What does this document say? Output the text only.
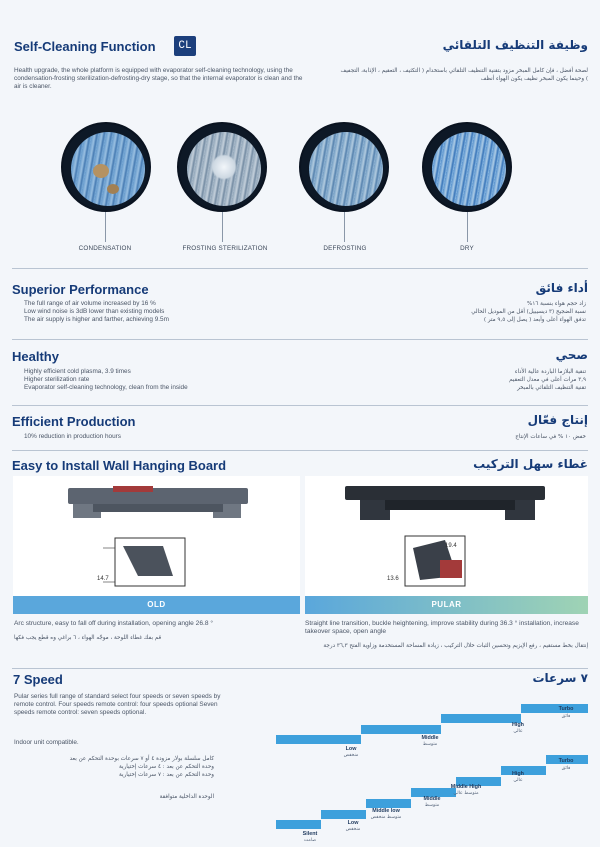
Self-Cleaning Function	CL	وظيفة التنظيف التلقائي
Health upgrade, the whole platform is equipped with evaporator self-cleaning technology, using the condensation-frosting sterilization-defrosting-dry stage, so that the internal evaporator is clean and the air is cleaner.
لصحة أفضل ، فإن كامل المبخر مزود بتقنية التنظيف التلقائي باستخدام ( التكثيف ، التعقيم ، الإذابة، التجفيف ) وحينما يكون المبخر نظيف يكون الهواء أنظف
CONDENSATION	FROSTING STERILIZATION	DEFROSTING	DRY
Superior Performance	أداء فائق
The full range of air volume increased by 16 %
Low wind noise is 3dB lower than existing models
The air supply is higher and farther, achieving 9.5m
زاد حجم هواء بنسبة ١٦%
نسبة الضجيج (٣ ديسيبيل) أقل من الموديل الحالي
تدفق الهواء أعلى وأبعد ( يصل إلى ٩,٥ متر )
Healthy	صحي
Highly efficient cold plasma, 3.9 times
Higher sterilization rate
Evaporator self-cleaning technology, clean from the inside
تنقية البلازما الباردة عالية الأداء
٣,٩ مرات أعلى في معدل التعقيم
تقنية التنظيف التلقائي بالمبخر
Efficient Production	إنتاج فعّال
10% reduction in production hours	خفض ١٠ % في ساعات الإنتاج
Easy to Install Wall Hanging Board	غطاء سهل التركيب
14.7
OLD
19.4
13.6
PULAR
Arc structure, easy to fall off during installation, opening angle 26.8 °
قم بفك غطاء اللوحة ، موجّه الهواء ، ٦ براغي وه قطع يجب فكها
Straight line transition, buckle heightening, improve stability during 36.3 ° installation, increase takeover space, open angle
إنتقال بخط مستقيم ، رفع الإبزيم وتحسين الثبات خلال التركيب ، زيادة المساحة المستخدمة وزاوية الفتح ٣٦,٣ درجة
7 Speed	٧ سرعات
Pular series full range of standard select four speeds or seven speeds by remote control. Four speeds remote control: four speeds optional Seven speeds remote control: seven speeds optional.
Indoor unit compatible.
كامل سلسلة بولار مزودة ٤ أو ٧ سرعات بوحدة التحكم عن بعد
وحدة التحكم عن بعد : ٤ سرعات إختيارية
وحدة التحكم عن بعد : ٧ سرعات إختيارية
الوحدة الداخلية متوافقة
Low
منخفض
Middle
متوسط
High
عالي
Turbo
فائق
Silent
صامت
Low
منخفض
Middle low
متوسط منخفض
Middle
متوسط
Middle High
متوسط عالي
High
عالي
Turbo
فائق
